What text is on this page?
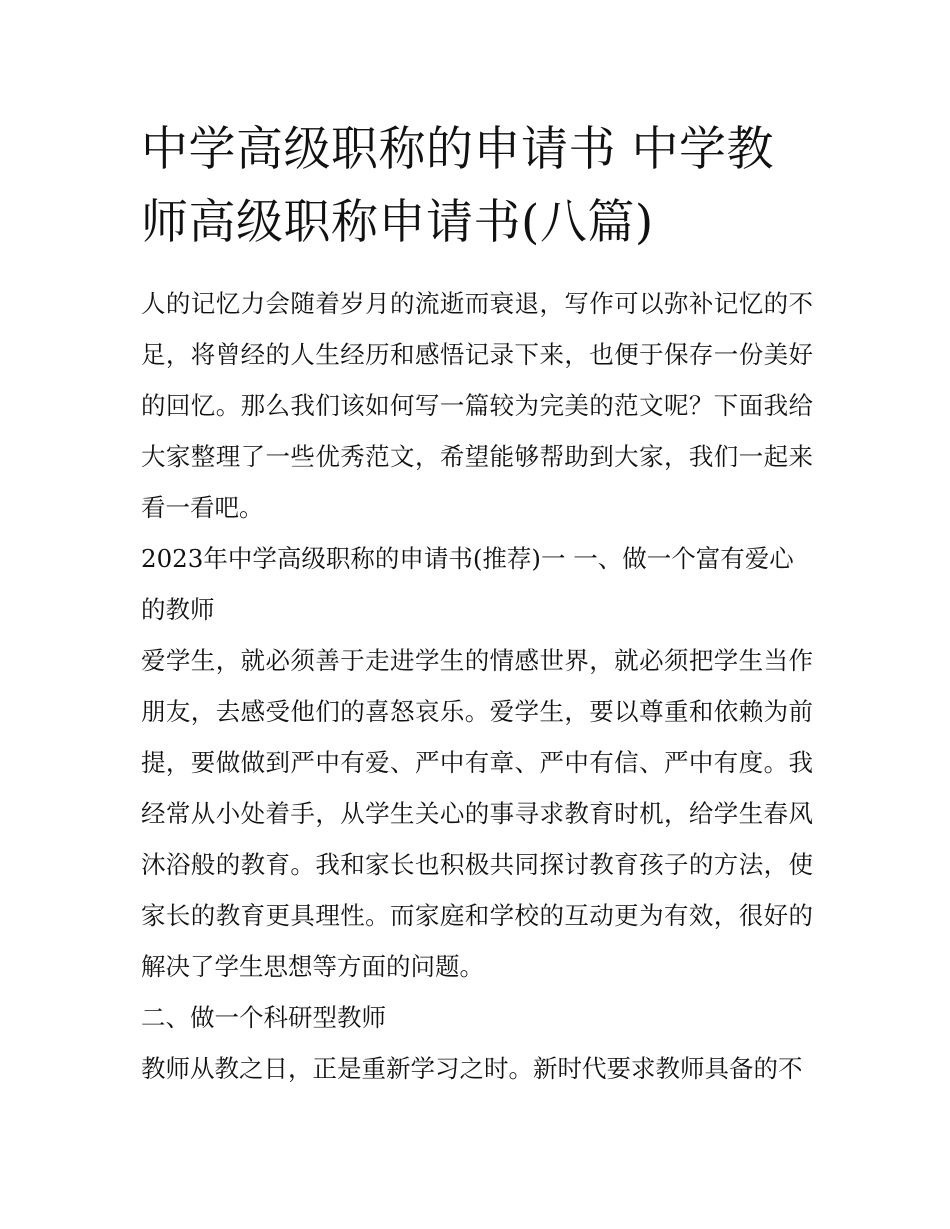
中学高级职称的申请书 中学教师高级职称申请书(八篇)

人的记忆力会随着岁月的流逝而衰退，写作可以弥补记忆的不足，将曾经的人生经历和感悟记录下来，也便于保存一份美好的回忆。那么我们该如何写一篇较为完美的范文呢？下面我给大家整理了一些优秀范文，希望能够帮助到大家，我们一起来看一看吧。

2023年中学高级职称的申请书(推荐)一 一、做一个富有爱心的教师

爱学生，就必须善于走进学生的情感世界，就必须把学生当作朋友，去感受他们的喜怒哀乐。爱学生，要以尊重和依赖为前提，要做做到严中有爱、严中有章、严中有信、严中有度。我经常从小处着手，从学生关心的事寻求教育时机，给学生春风沐浴般的教育。我和家长也积极共同探讨教育孩子的方法，使家长的教育更具理性。而家庭和学校的互动更为有效，很好的解决了学生思想等方面的问题。

二、做一个科研型教师

教师从教之日，正是重新学习之时。新时代要求教师具备的不
